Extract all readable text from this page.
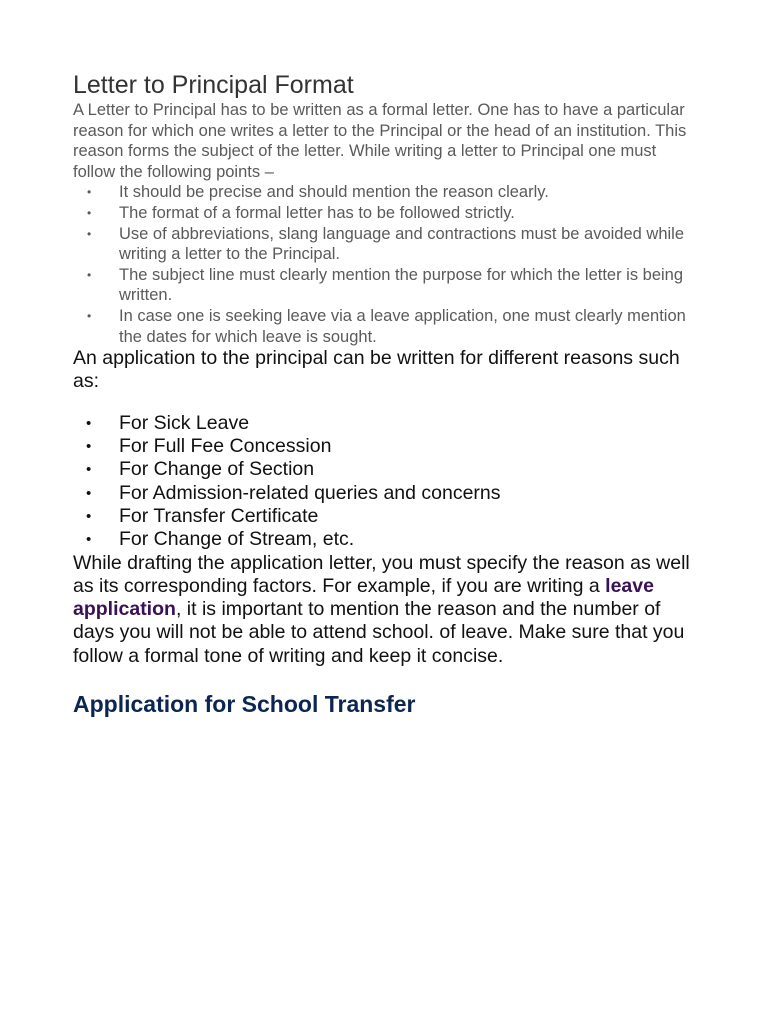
Letter to Principal Format

A Letter to Principal has to be written as a formal letter. One has to have a particular reason for which one writes a letter to the Principal or the head of an institution. This reason forms the subject of the letter. While writing a letter to Principal one must follow the following points –

• It should be precise and should mention the reason clearly.
• The format of a formal letter has to be followed strictly.
• Use of abbreviations, slang language and contractions must be avoided while writing a letter to the Principal.
• The subject line must clearly mention the purpose for which the letter is being written.
• In case one is seeking leave via a leave application, one must clearly mention the dates for which leave is sought.

An application to the principal can be written for different reasons such as:

• For Sick Leave
• For Full Fee Concession
• For Change of Section
• For Admission-related queries and concerns
• For Transfer Certificate
• For Change of Stream, etc.

While drafting the application letter, you must specify the reason as well as its corresponding factors. For example, if you are writing a leave application, it is important to mention the reason and the number of days you will not be able to attend school. of leave. Make sure that you follow a formal tone of writing and keep it concise.

Application for School Transfer
